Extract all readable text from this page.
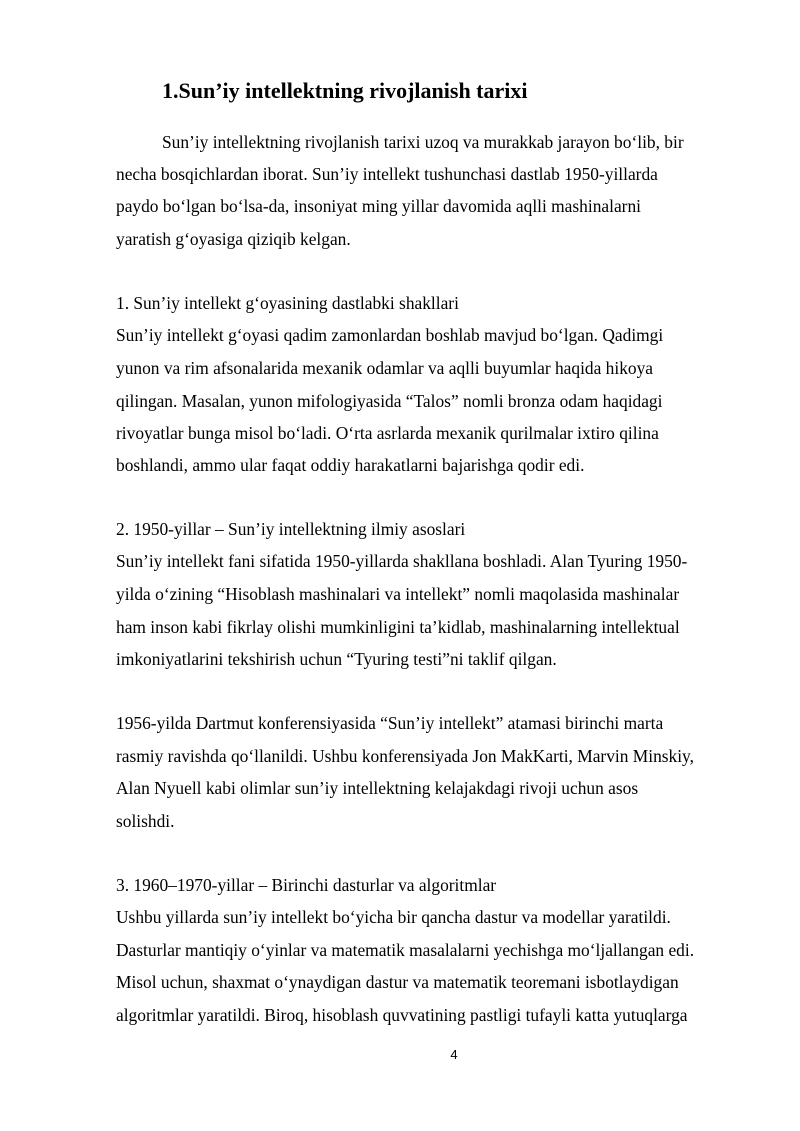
1.Sun’iy intellektning rivojlanish tarixi

Sun’iy intellektning rivojlanish tarixi uzoq va murakkab jarayon bo‘lib, bir

necha bosqichlardan iborat. Sun’iy intellekt tushunchasi dastlab 1950-yillarda

paydo bo‘lgan bo‘lsa-da, insoniyat ming yillar davomida aqlli mashinalarni

yaratish g‘oyasiga qiziqib kelgan.

1. Sun’iy intellekt g‘oyasining dastlabki shakllari

Sun’iy intellekt g‘oyasi qadim zamonlardan boshlab mavjud bo‘lgan. Qadimgi

yunon va rim afsonalarida mexanik odamlar va aqlli buyumlar haqida hikoya

qilingan. Masalan, yunon mifologiyasida “Talos” nomli bronza odam haqidagi

rivoyatlar bunga misol bo‘ladi. O‘rta asrlarda mexanik qurilmalar ixtiro qilina

boshlandi, ammo ular faqat oddiy harakatlarni bajarishga qodir edi.

2. 1950-yillar – Sun’iy intellektning ilmiy asoslari

Sun’iy intellekt fani sifatida 1950-yillarda shakllana boshladi. Alan Tyuring 1950-

yilda o‘zining “Hisoblash mashinalari va intellekt” nomli maqolasida mashinalar

ham inson kabi fikrlay olishi mumkinligini ta’kidlab, mashinalarning intellektual

imkoniyatlarini tekshirish uchun “Tyuring testi”ni taklif qilgan.

1956-yilda Dartmut konferensiyasida “Sun’iy intellekt” atamasi birinchi marta

rasmiy ravishda qo‘llanildi. Ushbu konferensiyada Jon MakKarti, Marvin Minskiy,

Alan Nyuell kabi olimlar sun’iy intellektning kelajakdagi rivoji uchun asos

solishdi.

3. 1960–1970-yillar – Birinchi dasturlar va algoritmlar

Ushbu yillarda sun’iy intellekt bo‘yicha bir qancha dastur va modellar yaratildi.

Dasturlar mantiqiy o‘yinlar va matematik masalalarni yechishga mo‘ljallangan edi.

Misol uchun, shaxmat o‘ynaydigan dastur va matematik teoremani isbotlaydigan

algoritmlar yaratildi. Biroq, hisoblash quvvatining pastligi tufayli katta yutuqlarga

4
